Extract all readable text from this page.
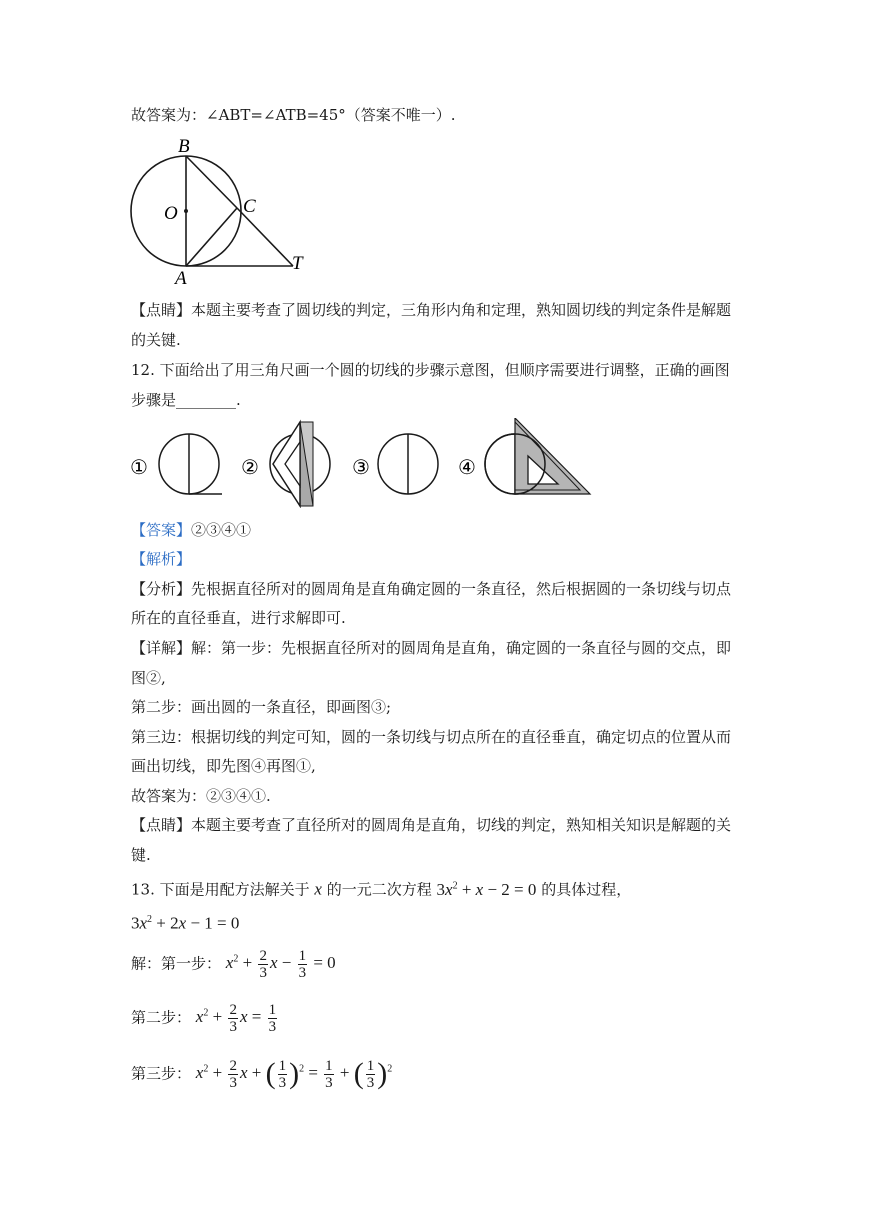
故答案为：∠ABT=∠ATB=45°（答案不唯一）.
B
O	C
A
T
【点睛】本题主要考查了圆切线的判定，三角形内角和定理，熟知圆切线的判定条件是解题
的关键.
12. 下面给出了用三角尺画一个圆的切线的步骤示意图，但顺序需要进行调整，正确的画图
步骤是________.
①	②	③	④
【答案】②③④①
【解析】
【分析】先根据直径所对的圆周角是直角确定圆的一条直径，然后根据圆的一条切线与切点
所在的直径垂直，进行求解即可.
【详解】解：第一步：先根据直径所对的圆周角是直角，确定圆的一条直径与圆的交点，即
图②,
第二步：画出圆的一条直径，即画图③;
第三边：根据切线的判定可知，圆的一条切线与切点所在的直径垂直，确定切点的位置从而
画出切线，即先图④再图①,
故答案为：②③④①.
【点睛】本题主要考查了直径所对的圆周角是直角，切线的判定，熟知相关知识是解题的关
键.
13. 下面是用配方法解关于 x 的一元二次方程 $3x^2 + x - 2 = 0$ 的具体过程，
$3x^2 + 2x - 1 = 0$
解：第一步： $x^2 + \frac{2}{3}$ $x - \frac{1}{3} = 0$
第二步： $x^2 + \frac{2}{3}$ $x = \frac{1}{3}$
第三步： $x^2 + \frac{2}{3}$ x + ( $\frac{1}{3} )^2 = \frac{1}{3}$ + ( $\frac{1}{3} )^2$
